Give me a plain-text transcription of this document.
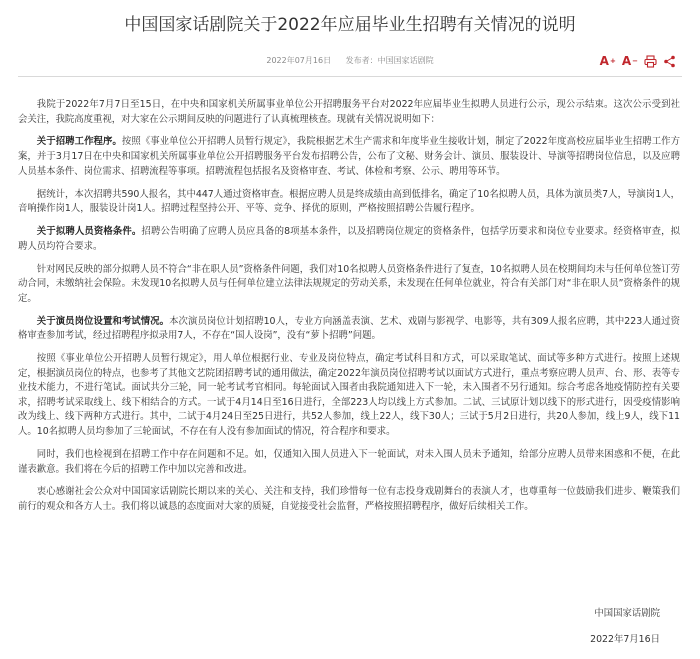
中国国家话剧院关于2022年应届毕业生招聘有关情况的说明
2022年07月16日 发布者：中国国家话剧院	A + A −

我院于2022年7月7日至15日，在中央和国家机关所属事业单位公开招聘服务平台对2022年应届毕业生拟聘人员进行公示，现公示结束。这次公示受到社会关注，我院高度重视，对大家在公示期间反映的问题进行了认真梳理核查。现就有关情况说明如下：

关于招聘工作程序。按照《事业单位公开招聘人员暂行规定》，我院根据艺术生产需求和年度毕业生接收计划，制定了2022年度高校应届毕业生招聘工作方案，并于3月17日在中央和国家机关所属事业单位公开招聘服务平台发布招聘公告，公布了文秘、财务会计、演员、服装设计、导演等招聘岗位信息，以及应聘人员基本条件、岗位需求、招聘流程等事项。招聘流程包括报名及资格审查、考试、体检和考察、公示、聘用等环节。

据统计，本次招聘共590人报名，其中447人通过资格审查。根据应聘人员是终成绩由高到低排名，确定了10名拟聘人员，具体为演员类7人，导演岗1人，音响操作岗1人，服装设计岗1人。招聘过程坚持公开、平等、竞争、择优的原则，严格按照招聘公告履行程序。

关于拟聘人员资格条件。招聘公告明确了应聘人员应具备的8项基本条件，以及招聘岗位规定的资格条件，包括学历要求和岗位专业要求。经资格审查，拟聘人员均符合要求。

针对网民反映的部分拟聘人员不符合“非在职人员”资格条件问题，我们对10名拟聘人员资格条件进行了复查，10名拟聘人员在校期间均未与任何单位签订劳动合同，未缴纳社会保险。未发现10名拟聘人员与任何单位建立法律法规规定的劳动关系，未发现在任何单位就业，符合有关部门对“非在职人员”资格条件的规定。

关于演员岗位设置和考试情况。本次演员岗位计划招聘10人，专业方向涵盖表演、艺术、戏剧与影视学、电影等，共有309人报名应聘，其中223人通过资格审查参加考试，经过招聘程序拟录用7人，不存在“国人设岗”，没有“萝卜招聘”问题。

按照《事业单位公开招聘人员暂行规定》，用人单位根据行业、专业及岗位特点，确定考试科目和方式，可以采取笔试、面试等多种方式进行。按照上述规定，根据演员岗位的特点，也参考了其他文艺院团招聘考试的通用做法，确定2022年演员岗位招聘考试以面试方式进行，重点考察应聘人员声、台、形、表等专业技术能力，不进行笔试。面试共分三轮，同一轮考试考官相同。每轮面试入围者由我院通知进入下一轮，未入围者不另行通知。综合考虑各地疫情防控有关要求，招聘考试采取线上、线下相结合的方式。一试于4月14日至16日进行，全部223人均以线上方式参加。二试、三试原计划以线下的形式进行，因受疫情影响改为线上、线下两种方式进行。其中，二试于4月24日至25日进行，共52人参加，线上22人，线下30人；三试于5月2日进行，共20人参加，线上9人，线下11人。10名拟聘人员均参加了三轮面试，不存在有人没有参加面试的情况，符合程序和要求。

同时，我们也检视到在招聘工作中存在问题和不足。如，仅通知入围人员进入下一轮面试，对未入围人员未予通知，给部分应聘人员带来困惑和不便，在此谨表歉意。我们将在今后的招聘工作中加以完善和改进。

衷心感谢社会公众对中国国家话剧院长期以来的关心、关注和支持，我们珍惜每一位有志投身戏剧舞台的表演人才，也尊重每一位鼓励我们进步、鞭策我们前行的观众和各方人士。我们将以诚恳的态度面对大家的质疑，自觉接受社会监督，严格按照招聘程序，做好后续相关工作。

中国国家话剧院
2022年7月16日
